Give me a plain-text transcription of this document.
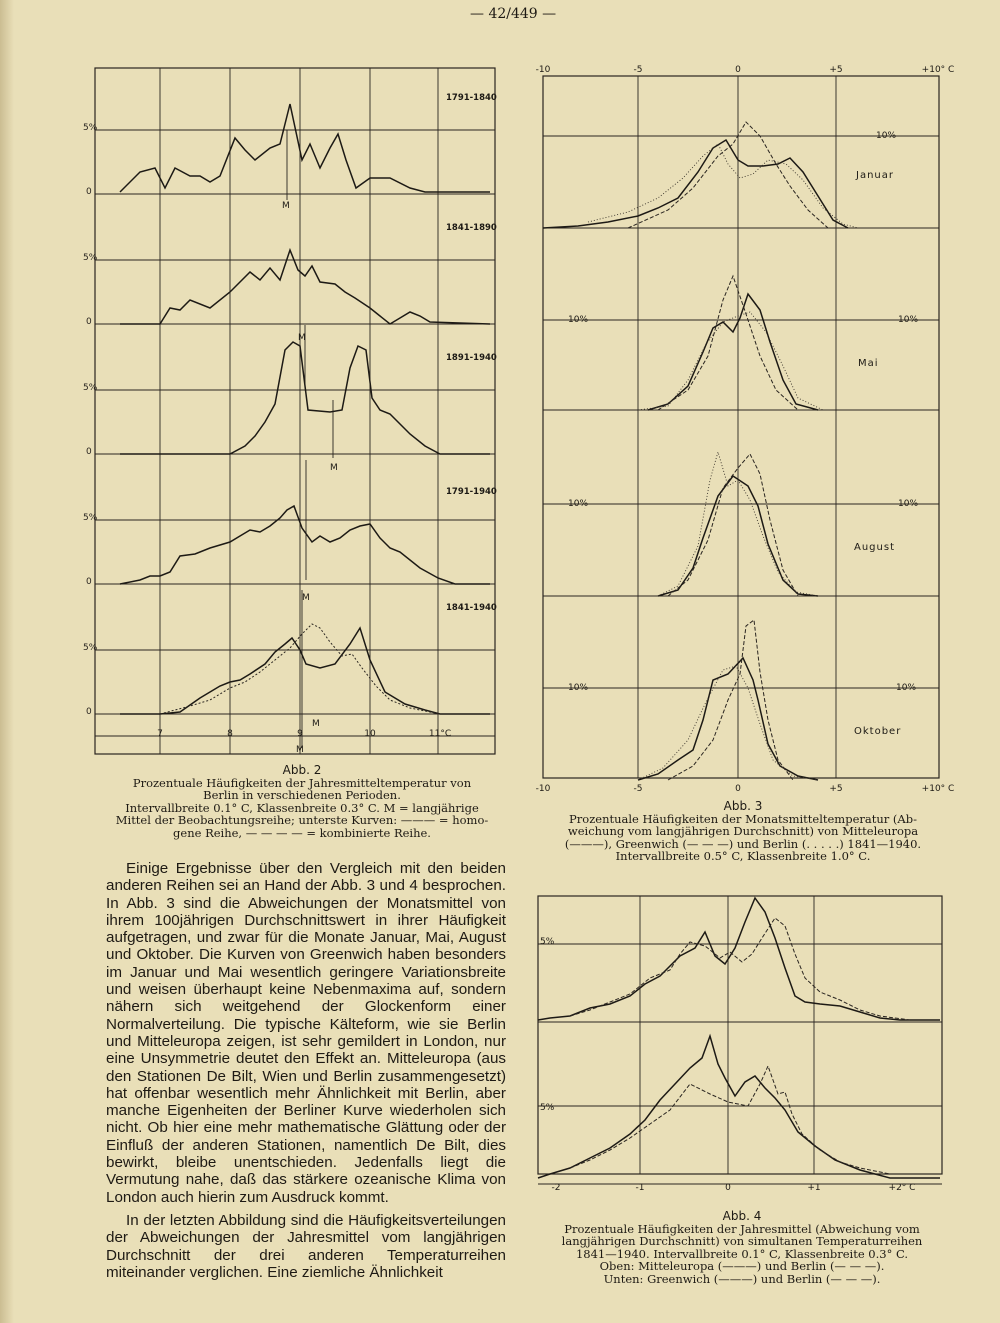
— 42/449 —
5%
0
5%
0
5%
0
5%
0
5%
0
1791-1840
1841-1890
1891-1940
1791-1940
1841-1940
M
M
M
M
M
M
7	8	9	10	11°C
Abb. 2
Prozentuale Häufigkeiten der Jahresmitteltemperatur von
Berlin in verschiedenen Perioden.
Intervallbreite 0.1° C, Klassenbreite 0.3° C. M = langjährige
Mittel der Beobachtungsreihe; unterste Kurven: ——— = homo-
gene Reihe, — — — — = kombinierte Reihe.
-10	-5	0	+5	+10° C
-10	-5	0	+5	+10° C
10%
10%	10%
10%	10%
10%	10%
Januar
Mai
August
Oktober
Abb. 3
Prozentuale Häufigkeiten der Monatsmitteltemperatur (Ab-
weichung vom langjährigen Durchschnitt) von Mitteleuropa
(———), Greenwich (— — —) und Berlin (. . . . .) 1841—1940.
Intervallbreite 0.5° C, Klassenbreite 1.0° C.
5%
5%
-2	-1	0	+1	+2° C
Abb. 4
Prozentuale Häufigkeiten der Jahresmittel (Abweichung vom
langjährigen Durchschnitt) von simultanen Temperaturreihen
1841—1940. Intervallbreite 0.1° C, Klassenbreite 0.3° C.
Oben: Mitteleuropa (———) und Berlin (— — —).
Unten: Greenwich (———) und Berlin (— — —).

Einige Ergebnisse über den Vergleich mit den beiden anderen Reihen sei an Hand der Abb. 3 und 4 besprochen. In Abb. 3 sind die Abweichungen der Monatsmittel von ihrem 100jährigen Durchschnittswert in ihrer Häufigkeit aufgetragen, und zwar für die Monate Januar, Mai, August und Oktober. Die Kurven von Greenwich haben besonders im Januar und Mai wesentlich geringere Variationsbreite und weisen überhaupt keine Nebenmaxima auf, sondern nähern sich weitgehend der Glockenform einer Normalverteilung. Die typische Kälteform, wie sie Berlin und Mitteleuropa zeigen, ist sehr gemildert in London, nur eine Unsymmetrie deutet den Effekt an. Mitteleuropa (aus den Stationen De Bilt, Wien und Berlin zusammengesetzt) hat offenbar wesentlich mehr Ähnlichkeit mit Berlin, aber manche Eigenheiten der Berliner Kurve wiederholen sich nicht. Ob hier eine mehr mathematische Glättung oder der Einfluß der anderen Stationen, namentlich De Bilt, dies bewirkt, bleibe unentschieden. Jedenfalls liegt die Vermutung nahe, daß das stärkere ozeanische Klima von London auch hierin zum Ausdruck kommt.

In der letzten Abbildung sind die Häufigkeitsverteilungen der Abweichungen der Jahresmittel vom langjährigen Durchschnitt der drei anderen Temperaturreihen miteinander verglichen. Eine ziemliche Ähnlichkeit
